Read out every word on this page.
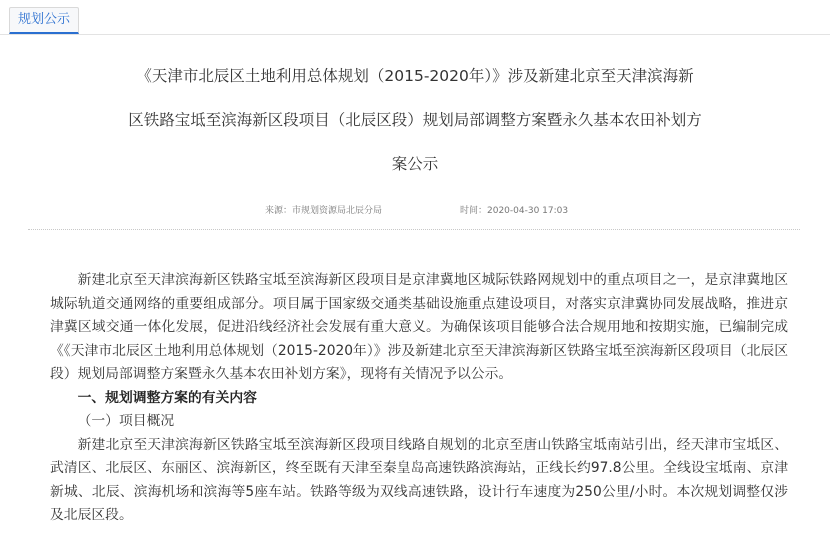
规划公示
《天津市北辰区土地利用总体规划（2015-2020年）》涉及新建北京至天津滨海新
区铁路宝坻至滨海新区段项目（北辰区段）规划局部调整方案暨永久基本农田补划方
案公示
来源：市规划资源局北辰分局	时间：2020-04-30 17:03

新建北京至天津滨海新区铁路宝坻至滨海新区段项目是京津冀地区城际铁路网规划中的重点项目之一，是京津冀地区城际轨道交通网络的重要组成部分。项目属于国家级交通类基础设施重点建设项目，对落实京津冀协同发展战略，推进京津冀区域交通一体化发展，促进沿线经济社会发展有重大意义。为确保该项目能够合法合规用地和按期实施，已编制完成《《天津市北辰区土地利用总体规划（2015-2020年）》涉及新建北京至天津滨海新区铁路宝坻至滨海新区段项目（北辰区段）规划局部调整方案暨永久基本农田补划方案》，现将有关情况予以公示。

一、规划调整方案的有关内容

（一）项目概况

新建北京至天津滨海新区铁路宝坻至滨海新区段项目线路自规划的北京至唐山铁路宝坻南站引出，经天津市宝坻区、武清区、北辰区、东丽区、滨海新区，终至既有天津至秦皇岛高速铁路滨海站，正线长约97.8公里。全线设宝坻南、京津新城、北辰、滨海机场和滨海等5座车站。铁路等级为双线高速铁路，设计行车速度为250公里/小时。本次规划调整仅涉及北辰区段。
